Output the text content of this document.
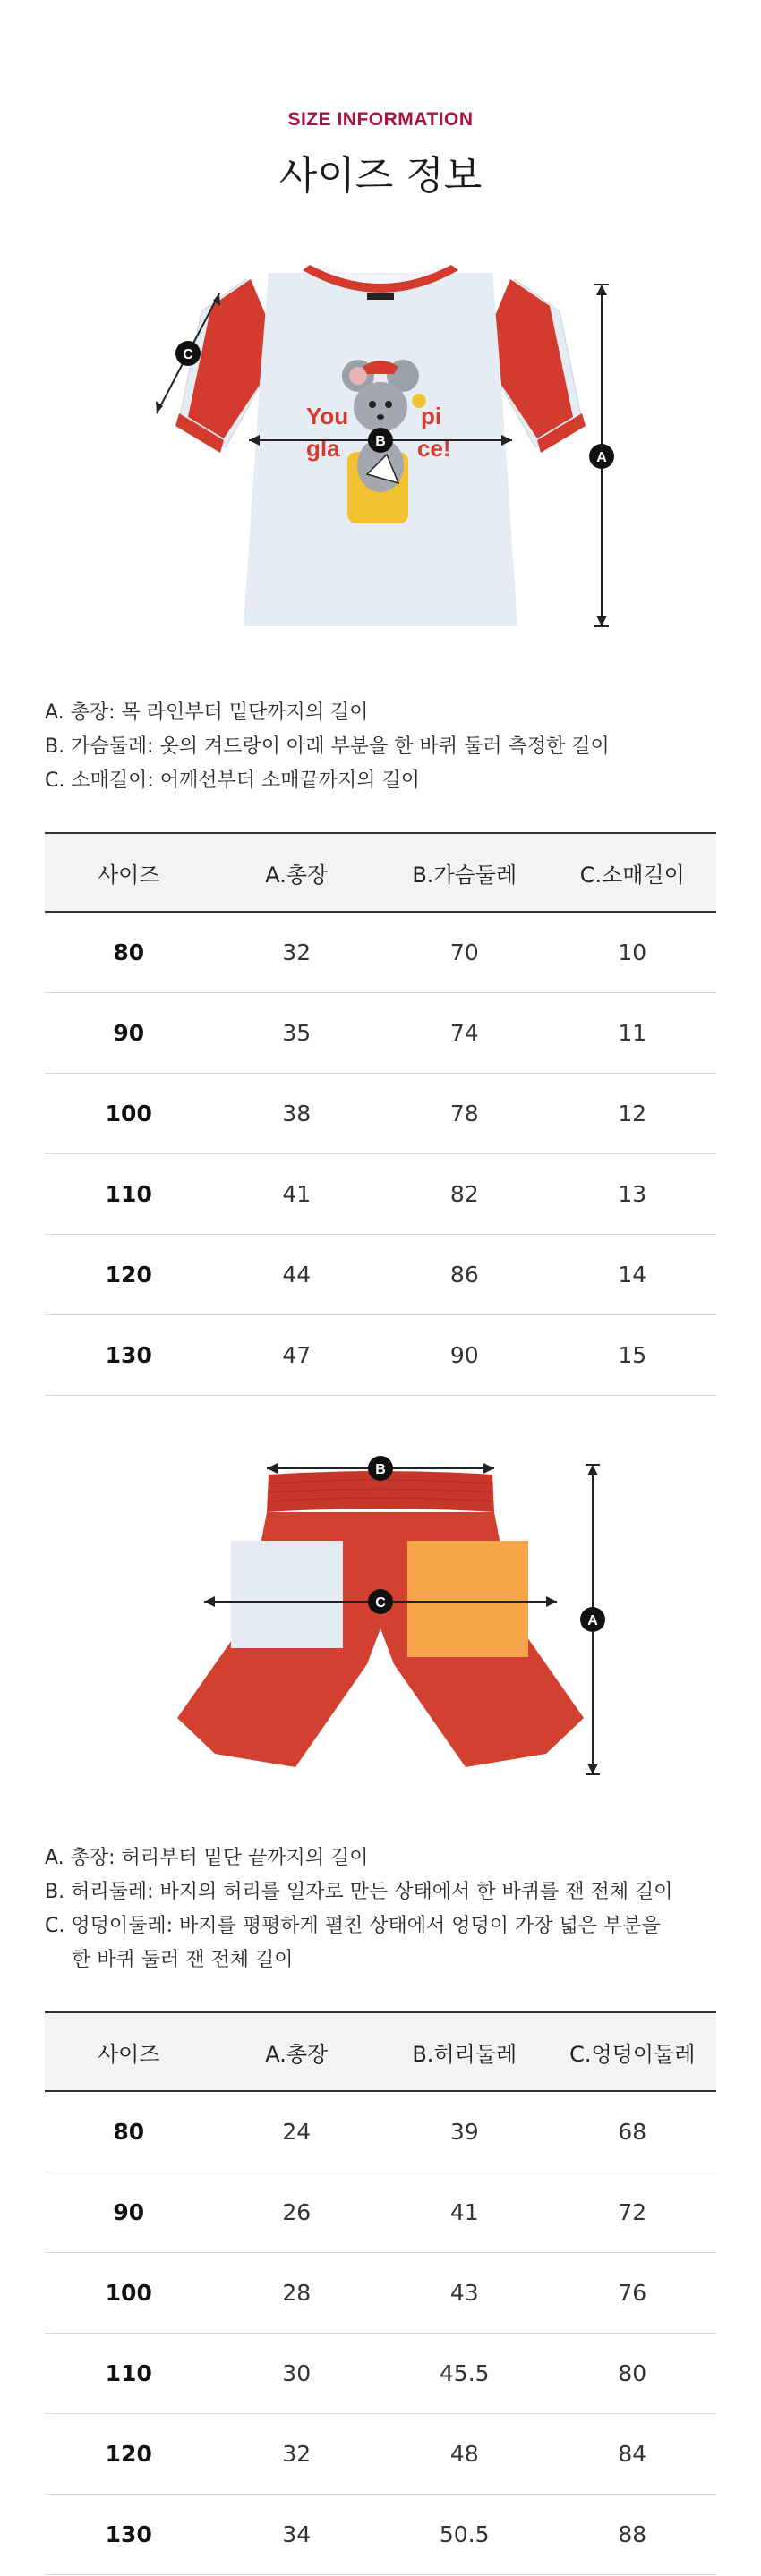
SIZE INFORMATION
사이즈 정보
You	pi
gla	ce!
C
B
A
A. 총장: 목 라인부터 밑단까지의 길이
B. 가슴둘레: 옷의 겨드랑이 아래 부분을 한 바퀴 둘러 측정한 길이
C. 소매길이: 어깨선부터 소매끝까지의 길이
사이즈	A.총장	B.가슴둘레	C.소매길이
80	32	70	10
90	35	74	11
100	38	78	12
110	41	82	13
120	44	86	14
130	47	90	15
B
C
A
A. 총장: 허리부터 밑단 끝까지의 길이
B. 허리둘레: 바지의 허리를 일자로 만든 상태에서 한 바퀴를 잰 전체 길이
C. 엉덩이둘레: 바지를 평평하게 펼친 상태에서 엉덩이 가장 넓은 부분을
한 바퀴 둘러 잰 전체 길이
사이즈	A.총장	B.허리둘레	C.엉덩이둘레
80	24	39	68
90	26	41	72
100	28	43	76
110	30	45.5	80
120	32	48	84
130	34	50.5	88
